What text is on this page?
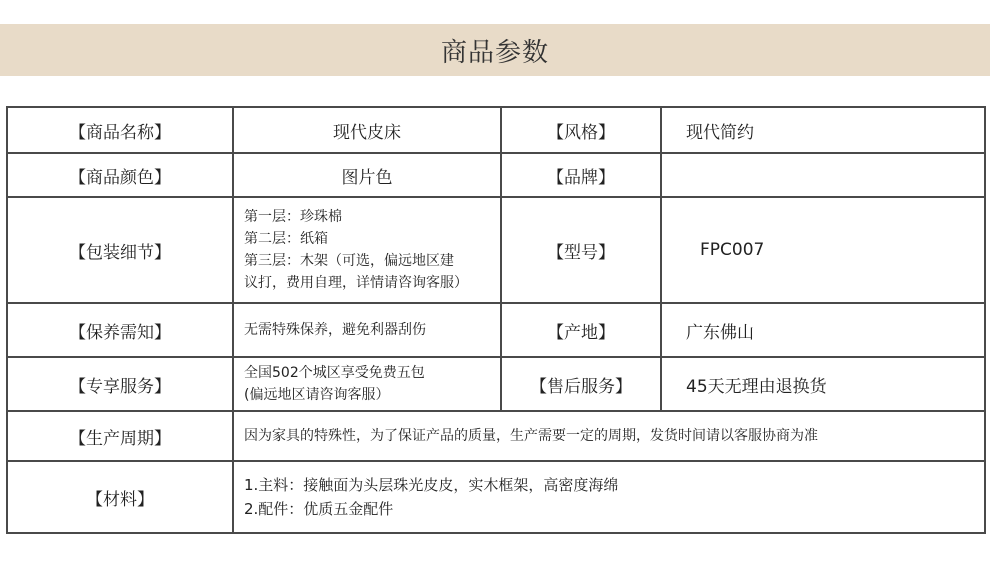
商品参数
【商品名称】	现代皮床	【风格】	现代简约
【商品颜色】	图片色	【品牌】	
【包装细节】	第一层：珍珠棉
第二层：纸箱
第三层：木架（可选，偏远地区建
议打，费用自理，详情请咨询客服）	【型号】	FPC007
【保养需知】	无需特殊保养，避免利器刮伤	【产地】	广东佛山
【专享服务】	全国502个城区享受免费五包
(偏远地区请咨询客服）	【售后服务】	45天无理由退换货
【生产周期】	因为家具的特殊性，为了保证产品的质量，生产需要一定的周期，发货时间请以客服协商为准		
【材料】	1.主料：接触面为头层珠光皮皮，实木框架，高密度海绵
2.配件：优质五金配件		
